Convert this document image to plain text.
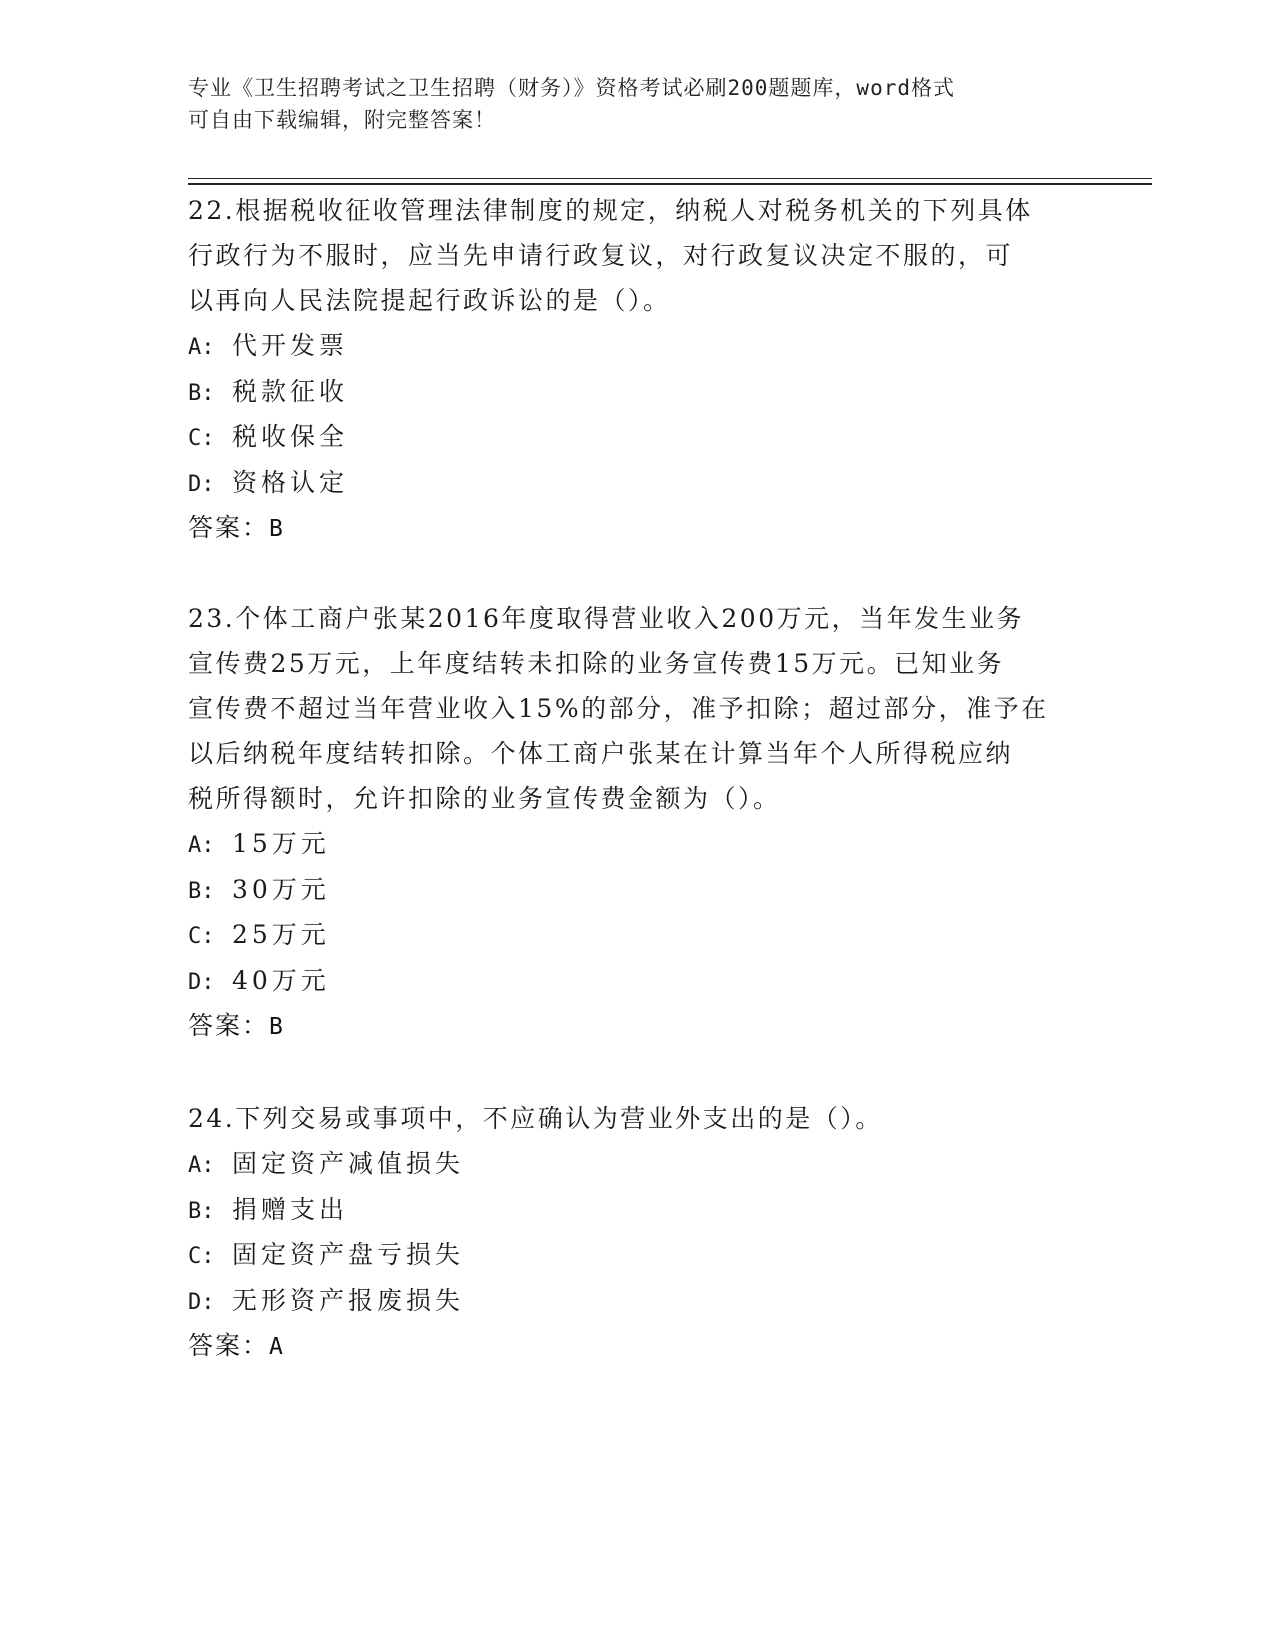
专业《卫生招聘考试之卫生招聘（财务）》资格考试必刷200题题库，word格式
可自由下载编辑，附完整答案！
22.根据税收征收管理法律制度的规定，纳税人对税务机关的下列具体
行政行为不服时，应当先申请行政复议，对行政复议决定不服的，可
以再向人民法院提起行政诉讼的是（）。
A: 代开发票
B: 税款征收
C: 税收保全
D: 资格认定
答案：B
23.个体工商户张某2016年度取得营业收入200万元，当年发生业务
宣传费25万元，上年度结转未扣除的业务宣传费15万元。已知业务
宣传费不超过当年营业收入15%的部分，准予扣除；超过部分，准予在
以后纳税年度结转扣除。个体工商户张某在计算当年个人所得税应纳
税所得额时，允许扣除的业务宣传费金额为（）。
A: 15万元
B: 30万元
C: 25万元
D: 40万元
答案：B
24.下列交易或事项中，不应确认为营业外支出的是（）。
A: 固定资产减值损失
B: 捐赠支出
C: 固定资产盘亏损失
D: 无形资产报废损失
答案：A
